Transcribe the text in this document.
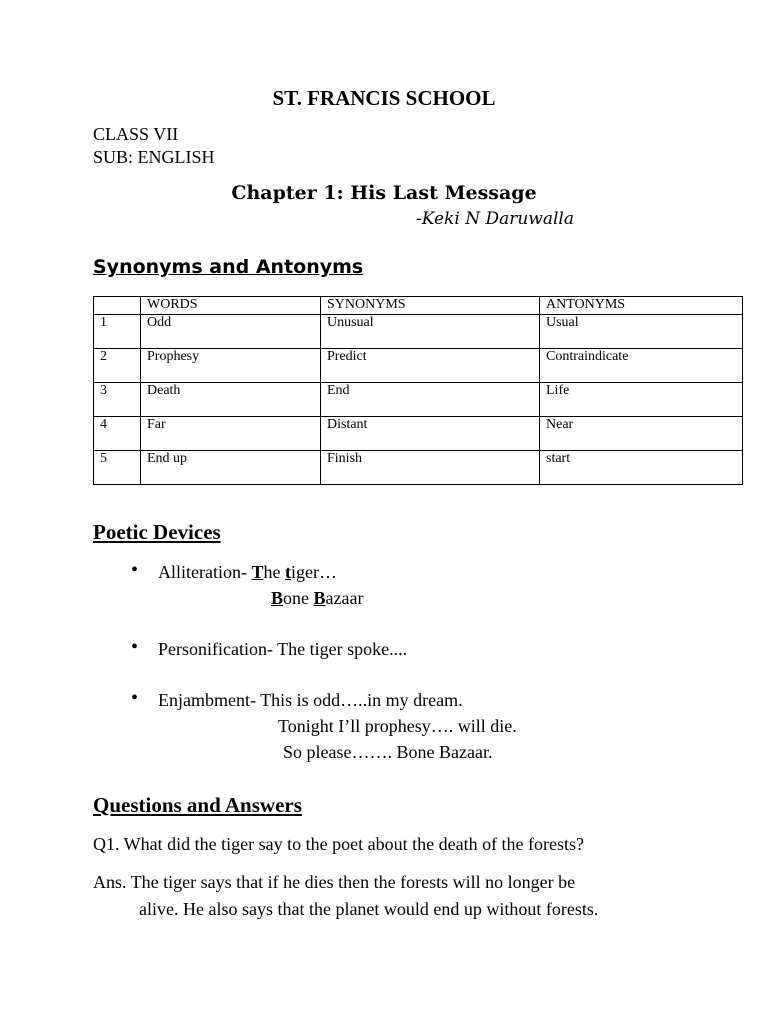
ST. FRANCIS SCHOOL
CLASS VII
SUB: ENGLISH
Chapter 1: His Last Message
-Keki N Daruwalla
Synonyms and Antonyms
	WORDS	SYNONYMS	ANTONYMS
1	Odd	Unusual	Usual
2	Prophesy	Predict	Contraindicate
3	Death	End	Life
4	Far	Distant	Near
5	End up	Finish	start
Poetic Devices
• Alliteration- The tiger…
Bone Bazaar
• Personification- The tiger spoke....
• Enjambment- This is odd…..in my dream.
Tonight I’ll prophesy…. will die.
So please……. Bone Bazaar.
Questions and Answers
Q1. What did the tiger say to the poet about the death of the forests?
Ans. The tiger says that if he dies then the forests will no longer be
alive. He also says that the planet would end up without forests.
